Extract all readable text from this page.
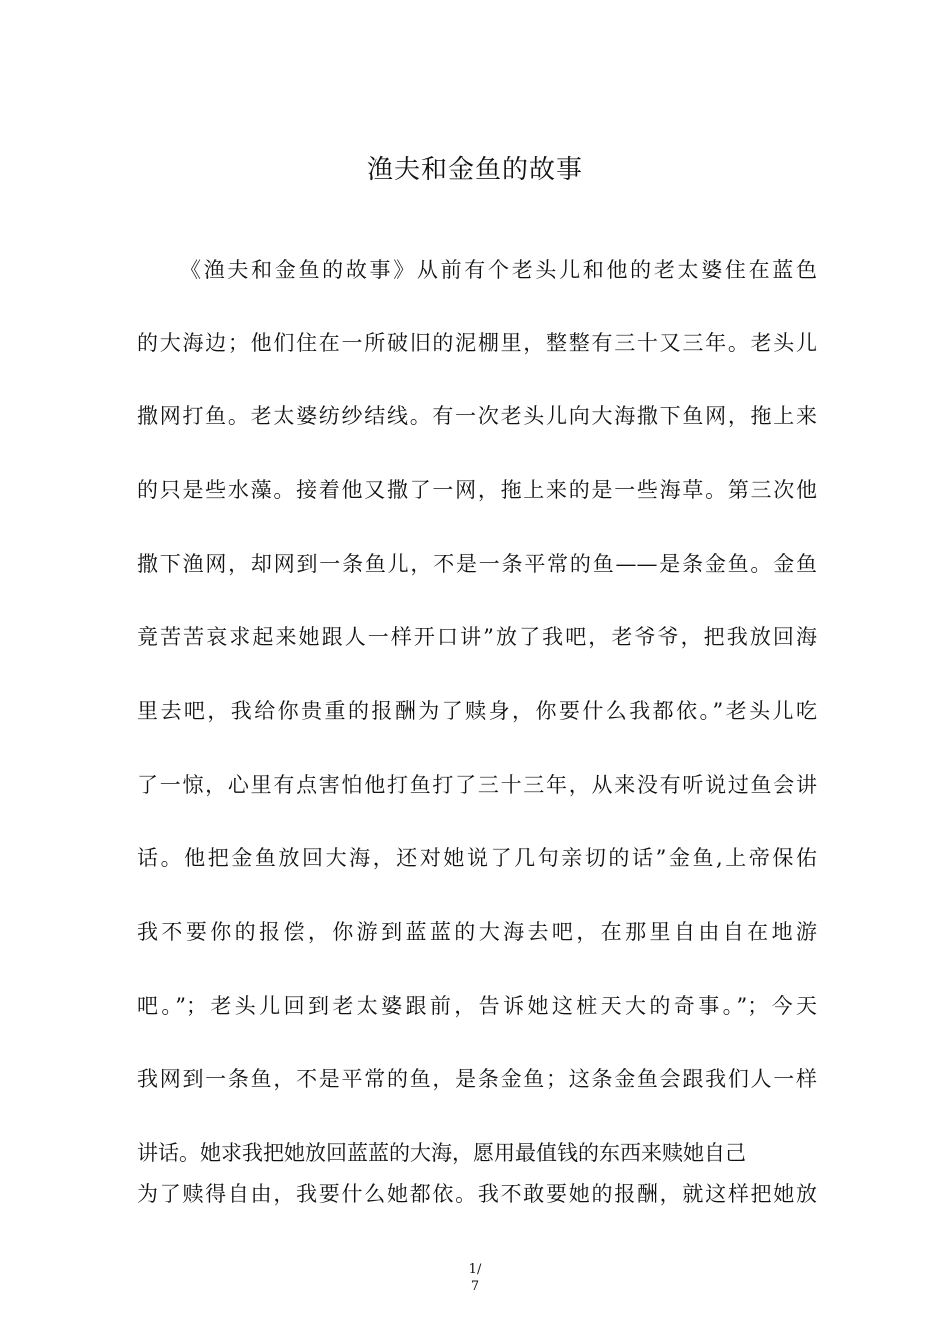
渔夫和金鱼的故事
《渔夫和金鱼的故事》从前有个老头儿和他的老太婆住在蓝色
的大海边；他们住在一所破旧的泥棚里，整整有三十又三年。老头儿
撒网打鱼。老太婆纺纱结线。有一次老头儿向大海撒下鱼网，拖上来
的只是些水藻。接着他又撒了一网，拖上来的是一些海草。第三次他
撒下渔网，却网到一条鱼儿，不是一条平常的鱼——是条金鱼。金鱼
竟苦苦哀求起来她跟人一样开口讲”放了我吧，老爷爷，把我放回海
里去吧，我给你贵重的报酬为了赎身，你要什么我都依。”老头儿吃
了一惊，心里有点害怕他打鱼打了三十三年，从来没有听说过鱼会讲
话。他把金鱼放回大海，还对她说了几句亲切的话”金鱼,上帝保佑
我不要你的报偿，你游到蓝蓝的大海去吧，在那里自由自在地游
吧。”；老头儿回到老太婆跟前，告诉她这桩天大的奇事。”；今天
我网到一条鱼，不是平常的鱼，是条金鱼；这条金鱼会跟我们人一样
讲话。她求我把她放回蓝蓝的大海，愿用最值钱的东西来赎她自己
为了赎得自由，我要什么她都依。我不敢要她的报酬，就这样把她放
1/
7
